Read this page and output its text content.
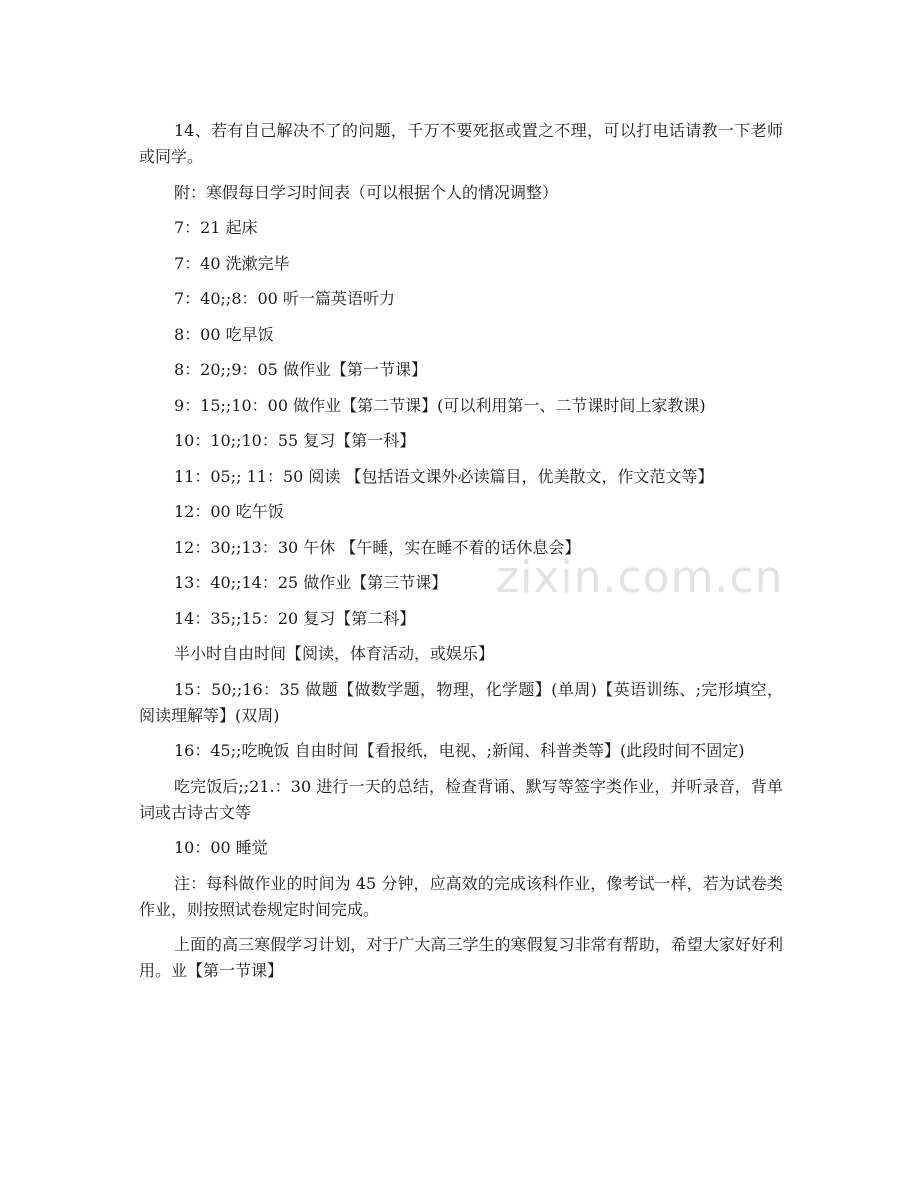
14、若有自己解决不了的问题，千万不要死抠或置之不理，可以打电话请教一下老师或同学。

附：寒假每日学习时间表（可以根据个人的情况调整）

7：21 起床

7：40 洗漱完毕

7：40;;8：00 听一篇英语听力

8：00 吃早饭

8：20;;9：05 做作业【第一节课】

9：15;;10：00 做作业【第二节课】(可以利用第一、二节课时间上家教课)

10：10;;10：55 复习【第一科】

11：05;; 11：50 阅读 【包括语文课外必读篇目，优美散文，作文范文等】

12：00 吃午饭

12：30;;13：30 午休 【午睡，实在睡不着的话休息会】

13：40;;14：25 做作业【第三节课】

14：35;;15：20 复习【第二科】

半小时自由时间【阅读，体育活动，或娱乐】

15：50;;16：35 做题【做数学题，物理，化学题】(单周)【英语训练、;完形填空，阅读理解等】(双周)

16：45;;吃晚饭 自由时间【看报纸，电视、;新闻、科普类等】(此段时间不固定)

吃完饭后;;21.：30 进行一天的总结，检查背诵、默写等签字类作业，并听录音，背单词或古诗古文等

10：00 睡觉

注：每科做作业的时间为 45 分钟，应高效的完成该科作业，像考试一样，若为试卷类作业，则按照试卷规定时间完成。

上面的高三寒假学习计划，对于广大高三学生的寒假复习非常有帮助，希望大家好好利用。业【第一节课】

zixin.com.cn
